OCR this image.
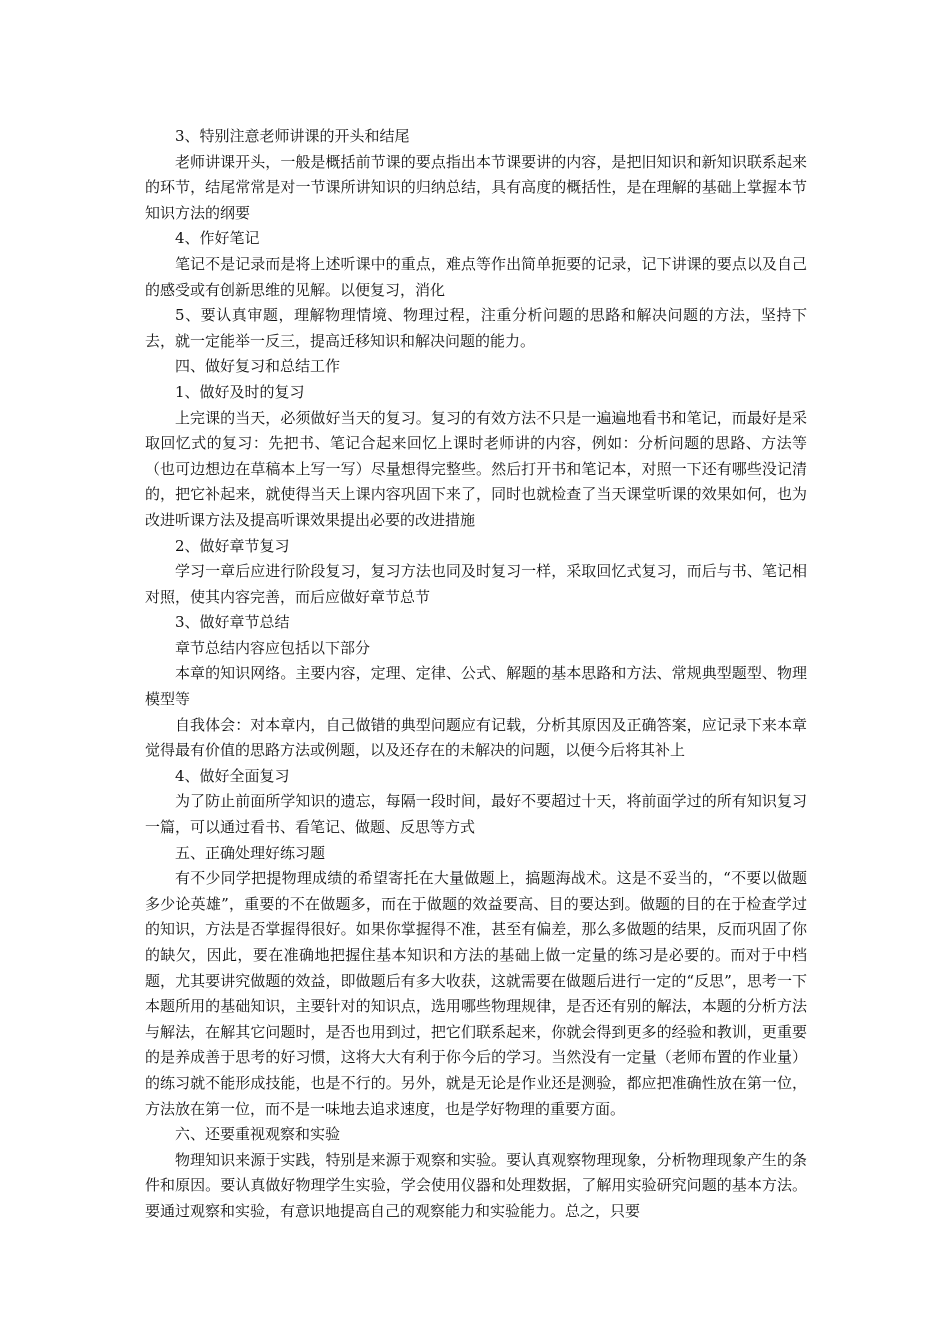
3、特别注意老师讲课的开头和结尾

老师讲课开头，一般是概括前节课的要点指出本节课要讲的内容，是把旧知识和新知识联系起来的环节，结尾常常是对一节课所讲知识的归纳总结，具有高度的概括性，是在理解的基础上掌握本节知识方法的纲要

4、作好笔记

笔记不是记录而是将上述听课中的重点，难点等作出简单扼要的记录，记下讲课的要点以及自己的感受或有创新思维的见解。以便复习，消化

5、要认真审题，理解物理情境、物理过程，注重分析问题的思路和解决问题的方法，坚持下去，就一定能举一反三，提高迁移知识和解决问题的能力。

四、做好复习和总结工作

1、做好及时的复习

上完课的当天，必须做好当天的复习。复习的有效方法不只是一遍遍地看书和笔记，而最好是采取回忆式的复习：先把书、笔记合起来回忆上课时老师讲的内容，例如：分析问题的思路、方法等（也可边想边在草稿本上写一写）尽量想得完整些。然后打开书和笔记本，对照一下还有哪些没记清的，把它补起来，就使得当天上课内容巩固下来了，同时也就检查了当天课堂听课的效果如何，也为改进听课方法及提高听课效果提出必要的改进措施

2、做好章节复习

学习一章后应进行阶段复习，复习方法也同及时复习一样，采取回忆式复习，而后与书、笔记相对照，使其内容完善，而后应做好章节总节

3、做好章节总结

章节总结内容应包括以下部分

本章的知识网络。主要内容，定理、定律、公式、解题的基本思路和方法、常规典型题型、物理模型等

自我体会：对本章内，自己做错的典型问题应有记载，分析其原因及正确答案，应记录下来本章觉得最有价值的思路方法或例题，以及还存在的未解决的问题，以便今后将其补上

4、做好全面复习

为了防止前面所学知识的遗忘，每隔一段时间，最好不要超过十天，将前面学过的所有知识复习一篇，可以通过看书、看笔记、做题、反思等方式

五、正确处理好练习题

有不少同学把提物理成绩的希望寄托在大量做题上，搞题海战术。这是不妥当的，“不要以做题多少论英雄”，重要的不在做题多，而在于做题的效益要高、目的要达到。做题的目的在于检查学过的知识，方法是否掌握得很好。如果你掌握得不准，甚至有偏差，那么多做题的结果，反而巩固了你的缺欠，因此，要在准确地把握住基本知识和方法的基础上做一定量的练习是必要的。而对于中档题，尤其要讲究做题的效益，即做题后有多大收获，这就需要在做题后进行一定的“反思”，思考一下本题所用的基础知识，主要针对的知识点，选用哪些物理规律，是否还有别的解法，本题的分析方法与解法，在解其它问题时，是否也用到过，把它们联系起来，你就会得到更多的经验和教训，更重要的是养成善于思考的好习惯，这将大大有利于你今后的学习。当然没有一定量（老师布置的作业量）的练习就不能形成技能，也是不行的。另外，就是无论是作业还是测验，都应把准确性放在第一位，方法放在第一位，而不是一味地去追求速度，也是学好物理的重要方面。

六、还要重视观察和实验

物理知识来源于实践，特别是来源于观察和实验。要认真观察物理现象，分析物理现象产生的条件和原因。要认真做好物理学生实验，学会使用仪器和处理数据，了解用实验研究问题的基本方法。要通过观察和实验，有意识地提高自己的观察能力和实验能力。总之，只要
